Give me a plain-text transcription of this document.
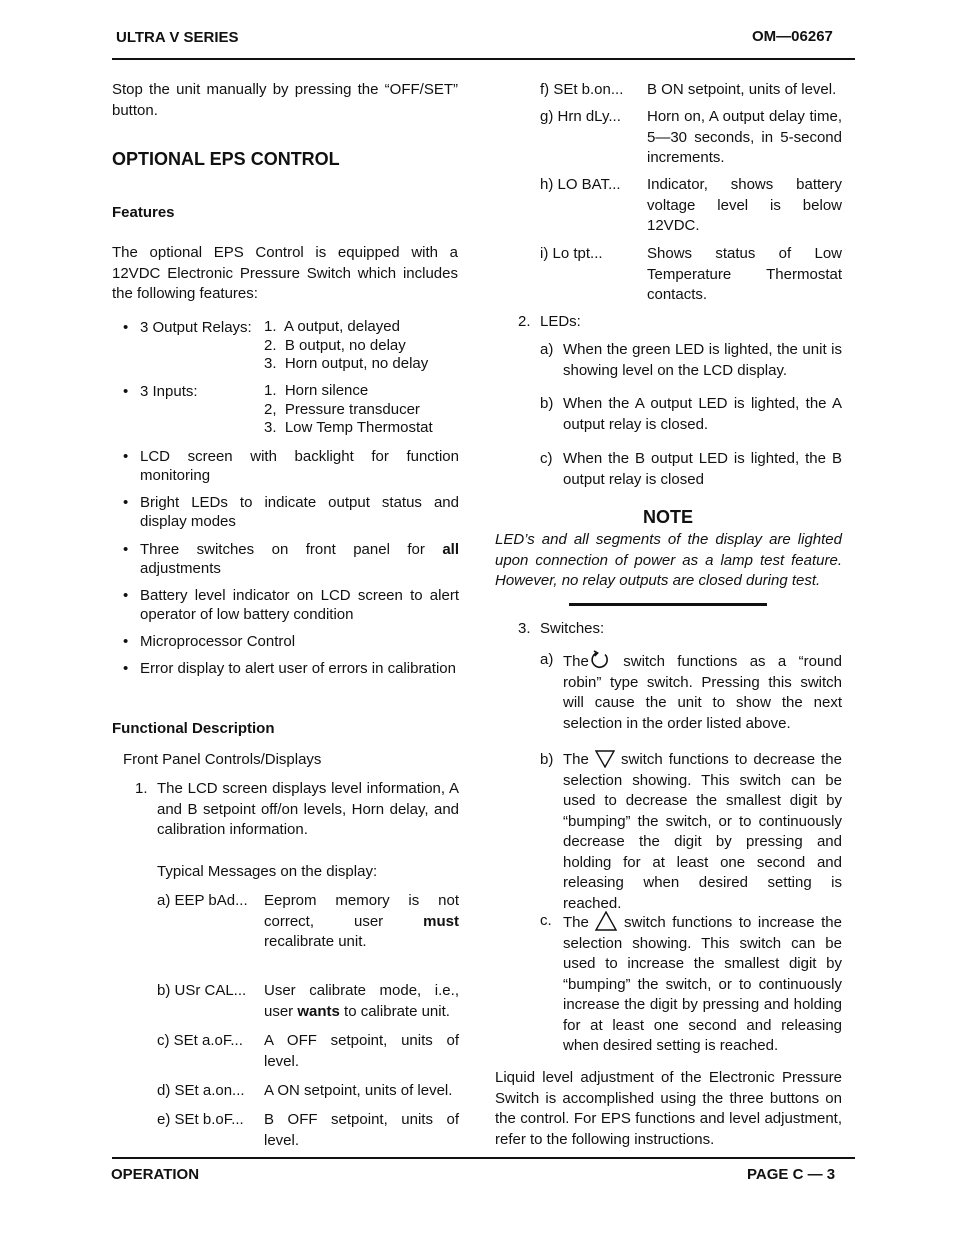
ULTRA V SERIES	OM—06267
Stop the unit manually by pressing the “OFF/SET” button.
OPTIONAL EPS CONTROL
Features
The optional EPS Control is equipped with a 12VDC Electronic Pressure Switch which includes the following features:
• 3 Output Relays: 1.  A output, delayed
2.  B output, no delay
3.  Horn output, no delay
• 3 Inputs:	1.  Horn silence
2,  Pressure transducer
3.  Low Temp Thermostat
• LCD screen with backlight for function monitoring
• Bright LEDs to indicate output status and display modes
• Three switches on front panel for all adjustments
• Battery level indicator on LCD screen to alert operator of low battery condition
• Microprocessor Control
• Error display to alert user of errors in calibration
Functional Description
Front Panel Controls/Displays
1. The LCD screen displays level information, A and B setpoint off/on levels, Horn delay, and calibration information.
Typical Messages on the display:
a) EEP bAd... Eeprom memory is not correct, user must recalibrate unit.
b) USr CAL... User calibrate mode, i.e., user wants to calibrate unit.
c) SEt a.oF... A OFF setpoint, units of level.
d) SEt a.on... A ON setpoint, units of level.
e) SEt b.oF... B OFF setpoint, units of level.
f) SEt b.on... B ON setpoint, units of level.
g) Hrn dLy... Horn on, A output delay time, 5—30 seconds, in 5-second increments.
h) LO BAT... Indicator, shows battery voltage level is below 12VDC.
i) Lo tpt...	Shows status of Low Temperature Thermostat contacts.
2. LEDs:
a) When the green LED is lighted, the unit is showing level on the LCD display.
b) When the A output LED is lighted, the A output relay is closed.
c) When the B output LED is lighted, the B output relay is closed
NOTE
LED’s and all segments of the display are lighted upon connection of power as a lamp test feature. However, no relay outputs are closed during test.
3. Switches:
a) The switch functions as a “round robin” type switch. Pressing this switch will cause the unit to show the next selection in the order listed above.
b) The  switch functions to decrease the selection showing. This switch can be used to decrease the smallest digit by “bumping” the switch, or to continuously decrease the digit by pressing and holding for at least one second and releasing when desired setting is reached.
c. The  switch functions to increase the selection showing. This switch can be used to increase the smallest digit by “bumping” the switch, or to continuously increase the digit by pressing and holding for at least one second and releasing when desired setting is reached.
Liquid level adjustment of the Electronic Pressure Switch is accomplished using the three buttons on the control. For EPS functions and level adjustment, refer to the following instructions.
OPERATION	PAGE C — 3
